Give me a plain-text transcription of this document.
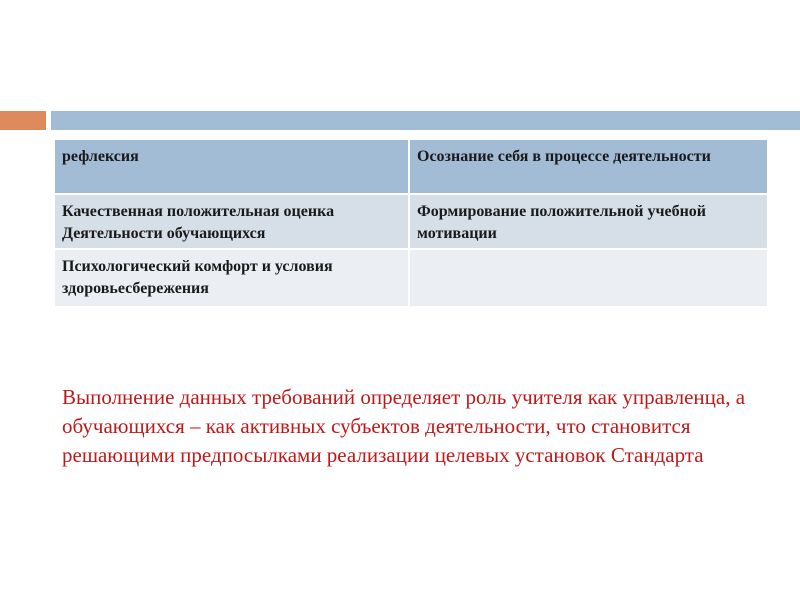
рефлексия	Осознание себя в процессе деятельности
Качественная положительная оценка Деятельности обучающихся	Формирование положительной учебной мотивации
Психологический комфорт и условия здоровьесбережения	

Выполнение данных требований определяет роль учителя как управленца, а обучающихся – как активных субъектов деятельности, что становится решающими предпосылками реализации целевых установок Стандарта
